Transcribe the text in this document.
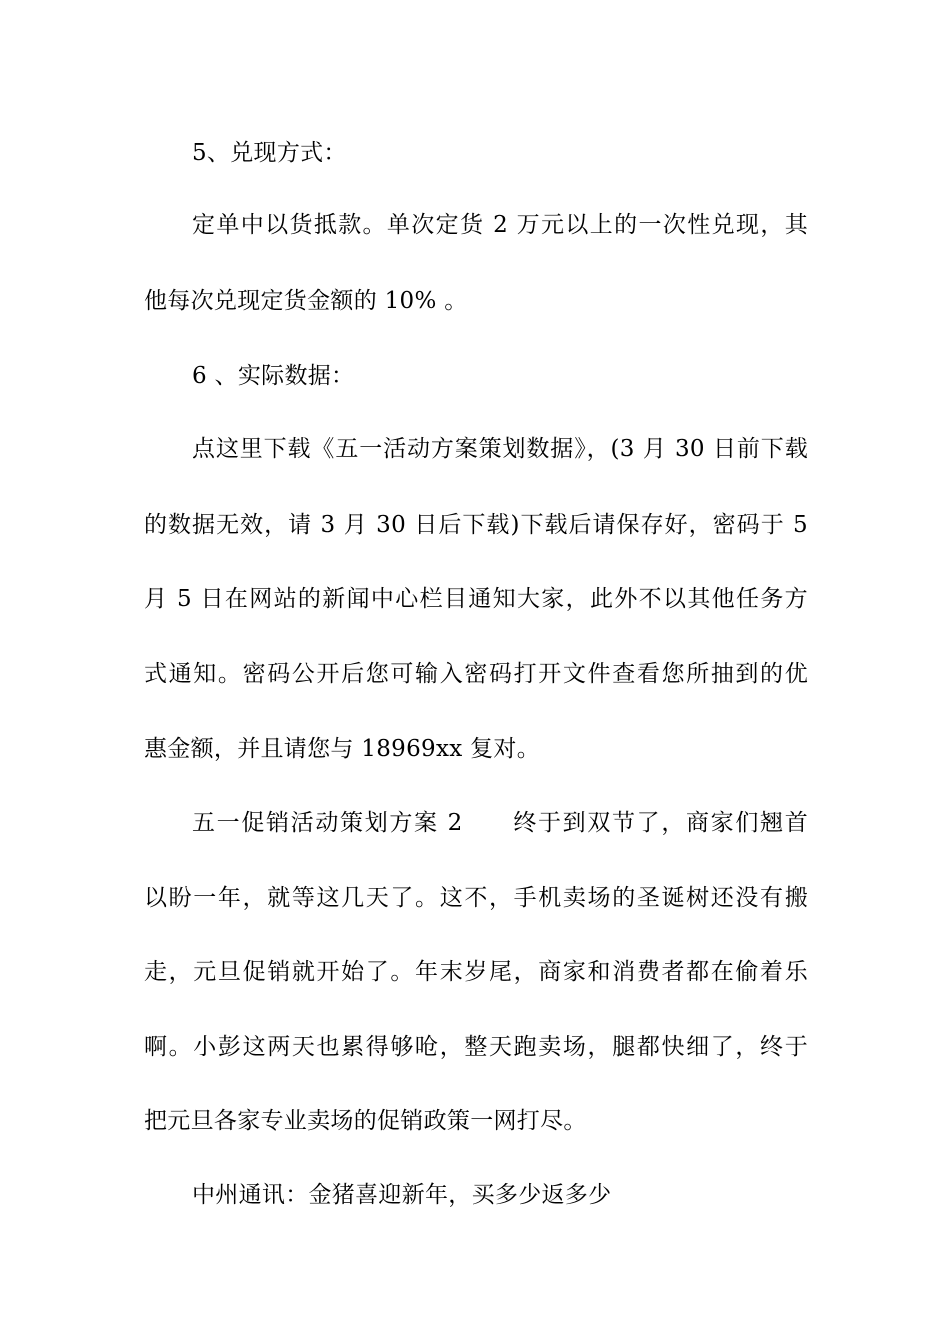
5、兑现方式：
定单中以货抵款。单次定货 2 万元以上的一次性兑现，其
他每次兑现定货金额的 10% 。
6 、实际数据：
点这里下载《五一活动方案策划数据》，(3 月 30 日前下载
的数据无效，请 3 月 30 日后下载)下载后请保存好，密码于 5
月 5 日在网站的新闻中心栏目通知大家，此外不以其他任务方
式通知。密码公开后您可输入密码打开文件查看您所抽到的优
惠金额，并且请您与 18969xx 复对。
五一促销活动策划方案 2　　终于到双节了，商家们翘首
以盼一年，就等这几天了。这不，手机卖场的圣诞树还没有搬
走，元旦促销就开始了。年末岁尾，商家和消费者都在偷着乐
啊。小彭这两天也累得够呛，整天跑卖场，腿都快细了，终于
把元旦各家专业卖场的促销政策一网打尽。
中州通讯：金猪喜迎新年，买多少返多少
